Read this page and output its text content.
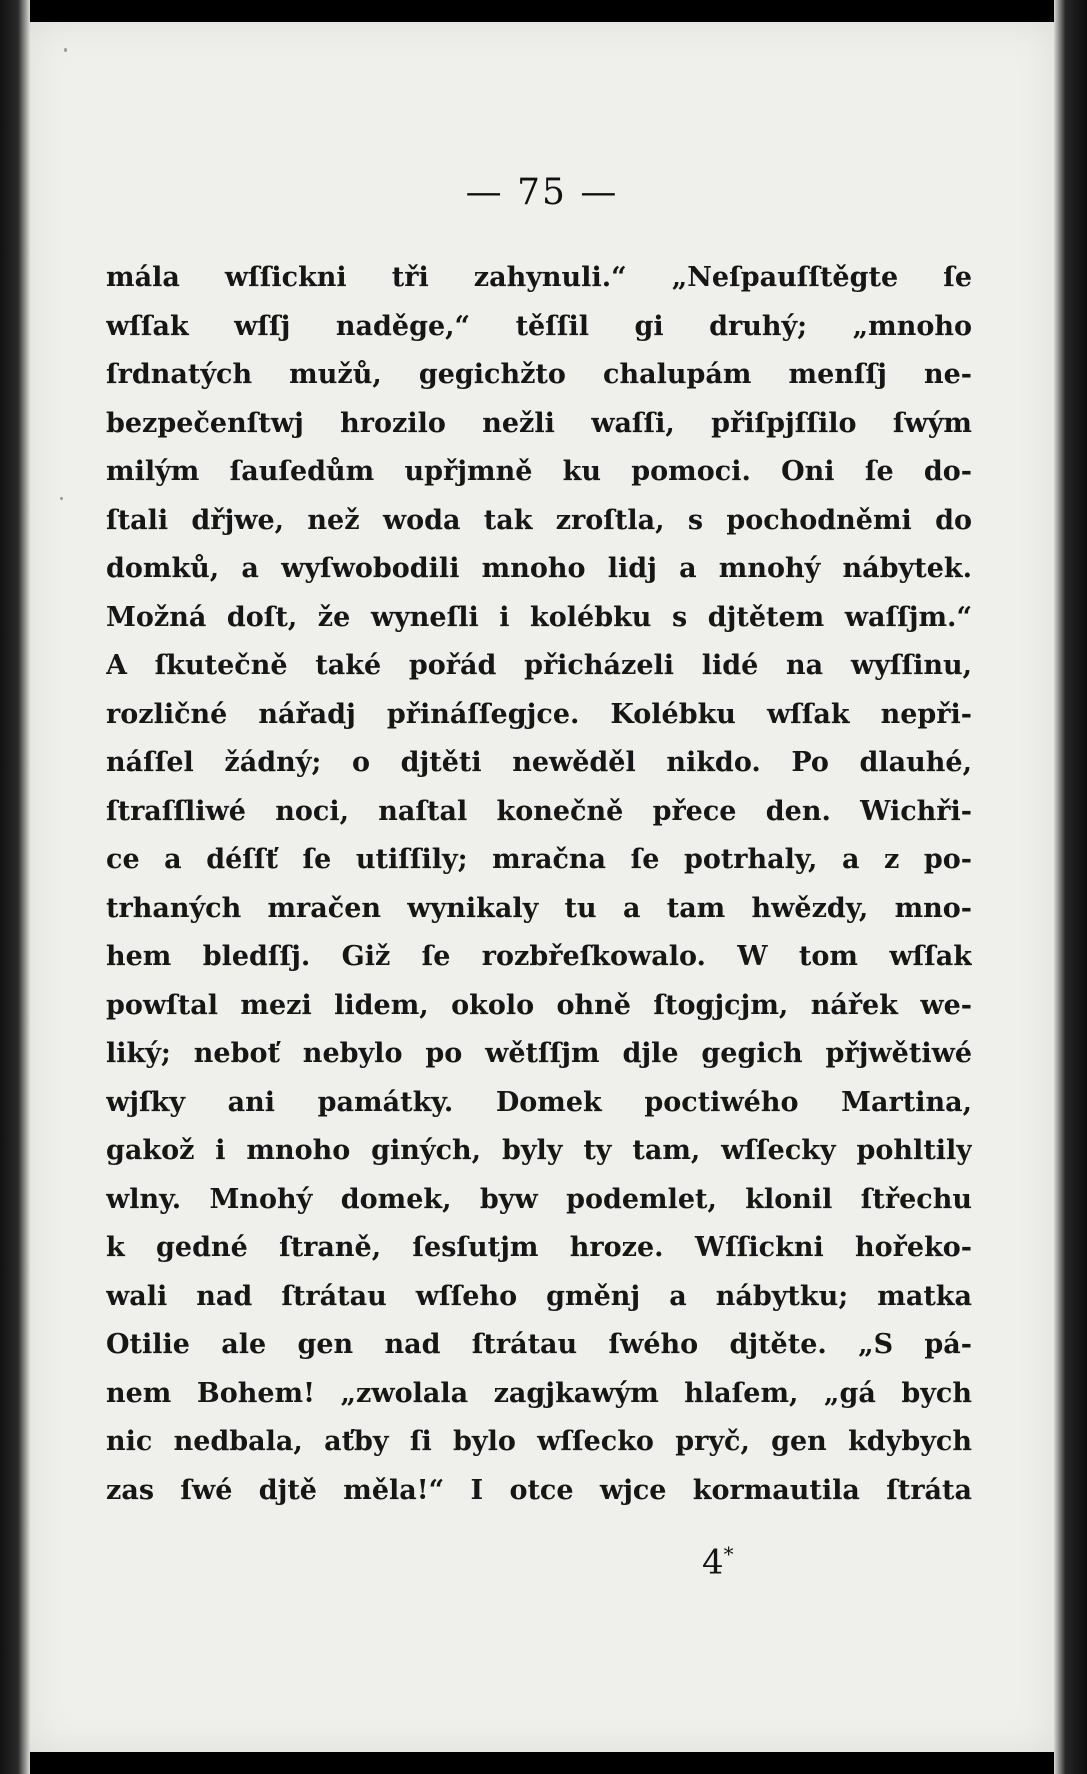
— 75 —
mála wſſickni tři zahynuli.“ „Neſpauſſtěgte ſe
wſſak wſſj naděge,“ těſſil gi druhý; „mnoho
ſrdnatých mužů, gegichžto chalupám menſſj ne-
bezpečenſtwj hrozilo nežli waſſi, přiſpjſſilo ſwým
milým ſauſedům upřjmně ku pomoci. Oni ſe do-
ſtali dřjwe, než woda tak zroſtla, s pochodněmi do
domků, a wyſwobodili mnoho lidj a mnohý nábytek.
Možná doſt, že wyneſli i kolébku s djtětem waſſjm.“
A ſkutečně také pořád přicházeli lidé na wyſſinu,
rozličné nářadj přináſſegjce. Kolébku wſſak nepři-
náſſel žádný; o djtěti newěděl nikdo. Po dlauhé,
ſtraſſliwé noci, naſtal konečně přece den. Wichři-
ce a déſſť ſe utiſſily; mračna ſe potrhaly, a z po-
trhaných mračen wynikaly tu a tam hwězdy, mno-
hem bledſſj. Giž ſe rozbřeſkowalo. W tom wſſak
powſtal mezi lidem, okolo ohně ſtogjcjm, nářek we-
liký; neboť nebylo po wětſſjm djle gegich přjwětiwé
wjſky ani památky. Domek poctiwého Martina,
gakož i mnoho giných, byly ty tam, wſſecky pohltily
wlny. Mnohý domek, byw podemlet, klonil ſtřechu
k gedné ſtraně, ſesſutjm hroze. Wſſickni hořeko-
wali nad ſtrátau wſſeho gměnj a nábytku; matka
Otilie ale gen nad ſtrátau ſwého djtěte. „S pá-
nem Bohem! „zwolala zagjkawým hlaſem, „gá bych
nic nedbala, aťby ſi bylo wſſecko pryč, gen kdybych
zas ſwé djtě měla!“ I otce wjce kormautila ſtráta
4*
